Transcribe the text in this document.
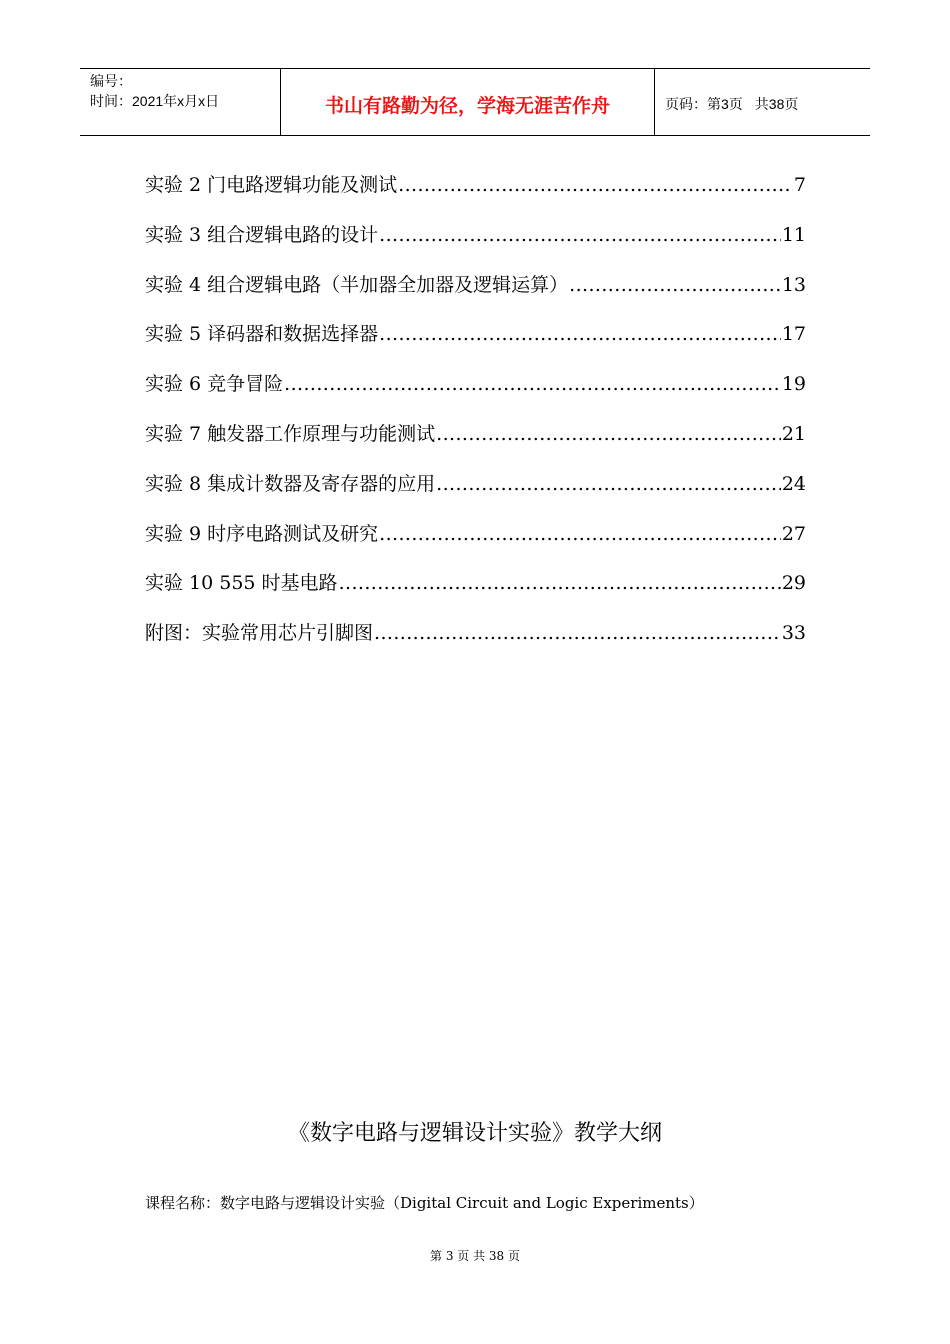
编号：
时间：2021年x月x日	书山有路勤为径，学海无涯苦作舟	页码：第3页 共38页
实验 2 门电路逻辑功能及测试 .....	7
实验 3 组合逻辑电路的设计 .....	11
实验 4 组合逻辑电路（半加器全加器及逻辑运算） .....	13
实验 5 译码器和数据选择器 .....	17
实验 6 竞争冒险 .....	19
实验 7 触发器工作原理与功能测试 .....	21
实验 8 集成计数器及寄存器的应用 .....	24
实验 9 时序电路测试及研究 .....	27
实验 10 555 时基电路 .....	29
附图：实验常用芯片引脚图 .....	33
《数字电路与逻辑设计实验》教学大纲
课程名称：数字电路与逻辑设计实验（Digital Circuit and Logic Experiments）
第 3 页 共 38 页
